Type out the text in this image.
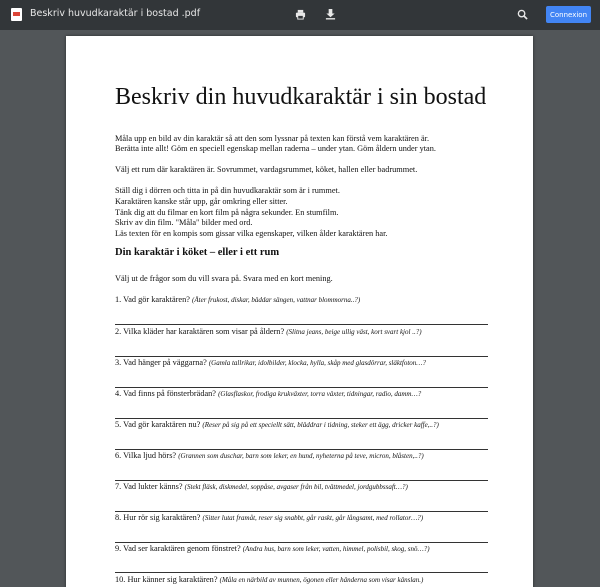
Beskriv huvudkaraktär i bostad .pdf	Connexion
Beskriv din huvudkaraktär i sin bostad
Måla upp en bild av din karaktär så att den som lyssnar på texten kan förstå vem karaktären är.
Berätta inte allt! Göm en speciell egenskap mellan raderna – under ytan. Göm åldern under ytan.
Välj ett rum där karaktären är. Sovrummet, vardagsrummet, köket, hallen eller badrummet.
Ställ dig i dörren och titta in på din huvudkaraktär som är i rummet.
Karaktären kanske står upp, går omkring eller sitter.
Tänk dig att du filmar en kort film på några sekunder. En stumfilm.
Skriv av din film. "Måla" bilder med ord.
Läs texten för en kompis som gissar vilka egenskaper, vilken ålder karaktären har.
Din karaktär i köket – eller i ett rum
Välj ut de frågor som du vill svara på. Svara med en kort mening.
1. Vad gör karaktären? (Äter frukost, diskar, bäddar sängen, vattnar blommorna..?)
2. Vilka kläder har karaktären som visar på åldern? (Slitna jeans, beige ullig väst, kort svart kjol ..?)
3. Vad hänger på väggarna? (Gamla tallrikar, idolbilder, klocka, hylla, skåp med glasdörrar, släktfoton…?
4. Vad finns på fönsterbrädan? (Glasflaskor, frodiga krukväxter, torra växter, tidningar, radio, damm…?
5. Vad gör karaktären nu? (Reser på sig på ett speciellt sätt, bläddrar i tidning, steker ett ägg, dricker kaffe,..?)
6. Vilka ljud hörs? (Grannen som duschar, barn som leker, en hund, nyheterna på teve, micron, blåsten,..?)
7. Vad lukter känns? (Stekt fläsk, diskmedel, soppåse, avgaser från bil, tvättmedel, jordgubbssaft…?)
8. Hur rör sig karaktären? (Sitter lutat framåt, reser sig snabbt, går raskt, går långsamt, med rollator…?)
9. Vad ser karaktären genom fönstret? (Andra hus, barn som leker, vatten, himmel, polisbil, skog, snö…?)
10. Hur känner sig karaktären? (Måla en närbild av munnen, ögonen eller händerna som visar känslan.)
